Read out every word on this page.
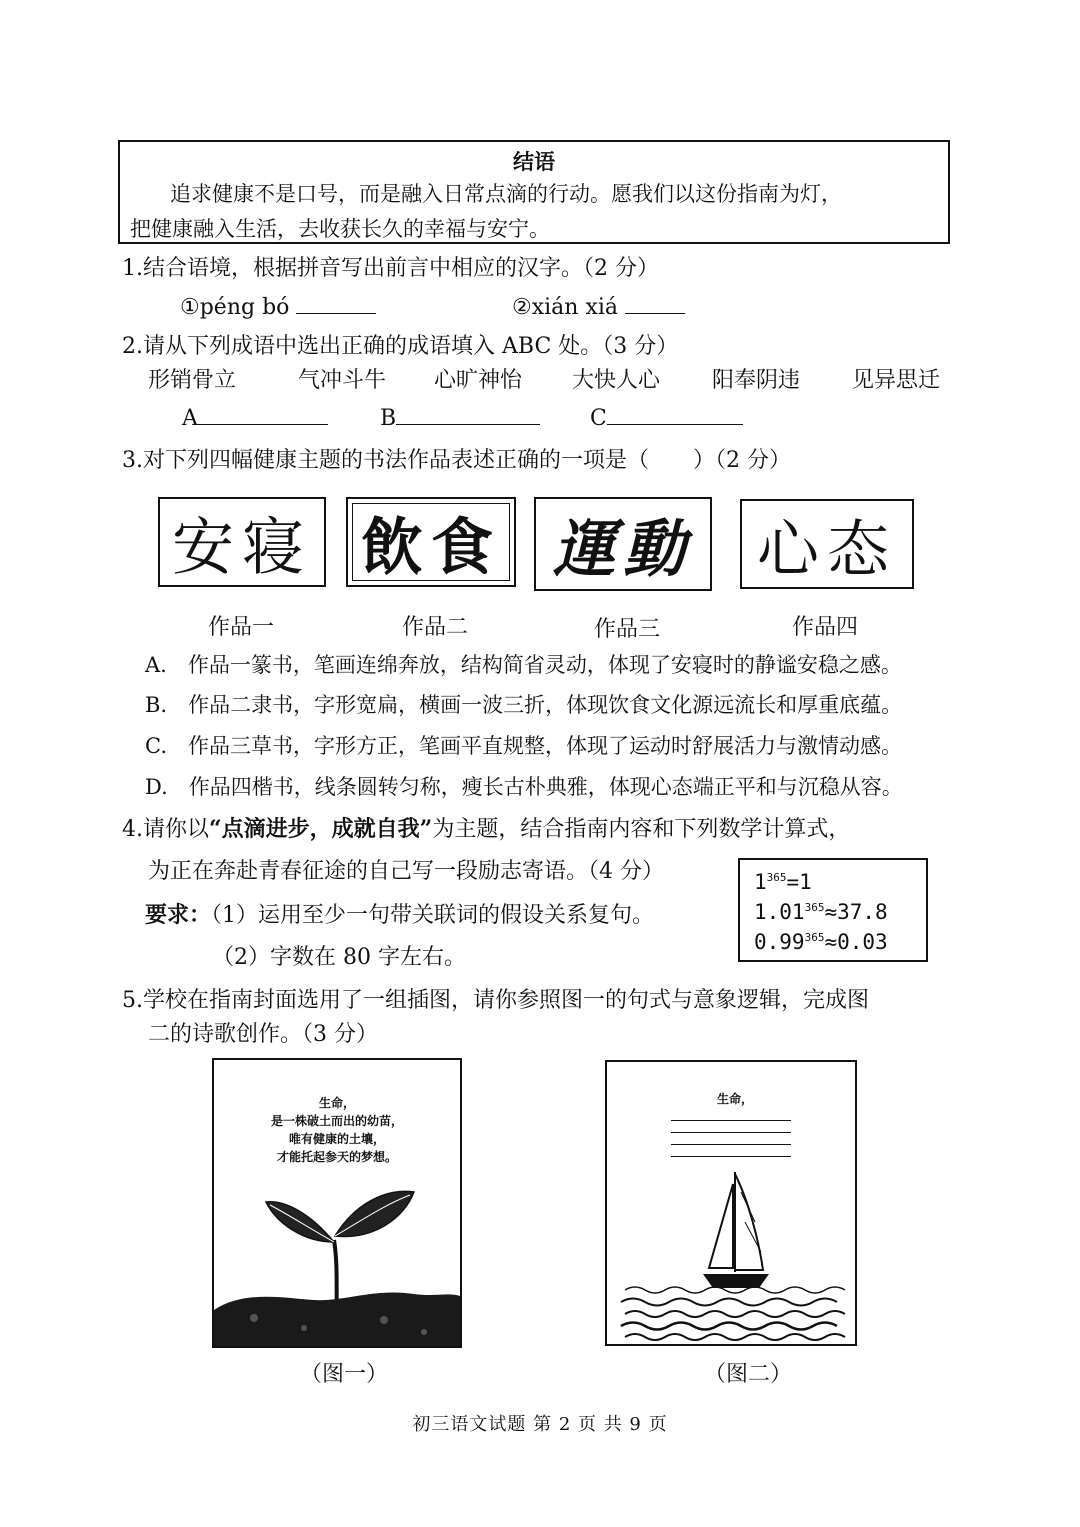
结语
追求健康不是口号，而是融入日常点滴的行动。愿我们以这份指南为灯，
把健康融入生活，去收获长久的幸福与安宁。
1.结合语境，根据拼音写出前言中相应的汉字。（2 分）
①péng bó	②xián xiá
2.请从下列成语中选出正确的成语填入 ABC 处。（3 分）
形销骨立	气冲斗牛 心旷神怡 大快人心 阳奉阴违 见异思迁
A	B	C
3.对下列四幅健康主题的书法作品表述正确的一项是（　　）（2 分）
安寝 飲食 運動 心态
作品一	作品二	作品三	作品四
A.　作品一篆书，笔画连绵奔放，结构简省灵动，体现了安寝时的静谧安稳之感。
B.　作品二隶书，字形宽扁，横画一波三折，体现饮食文化源远流长和厚重底蕴。
C.　作品三草书，字形方正，笔画平直规整，体现了运动时舒展活力与激情动感。
D.　作品四楷书，线条圆转匀称，瘦长古朴典雅，体现心态端正平和与沉稳从容。
4.请你以“点滴进步，成就自我”为主题，结合指南内容和下列数学计算式，
为正在奔赴青春征途的自己写一段励志寄语。（4 分）
要求：（1）运用至少一句带关联词的假设关系复句。
（2）字数在 80 字左右。
$1^{365}=1$
$1.01^{365}\approx 37.8$
$0.99^{365}\approx 0.03$
5.学校在指南封面选用了一组插图，请你参照图一的句式与意象逻辑，完成图
二的诗歌创作。（3 分）
生命，
是一株破土而出的幼苗，
唯有健康的土壤，
才能托起参天的梦想。
生命，
（图一）	（图二）
初三语文试题 第 2 页 共 9 页
